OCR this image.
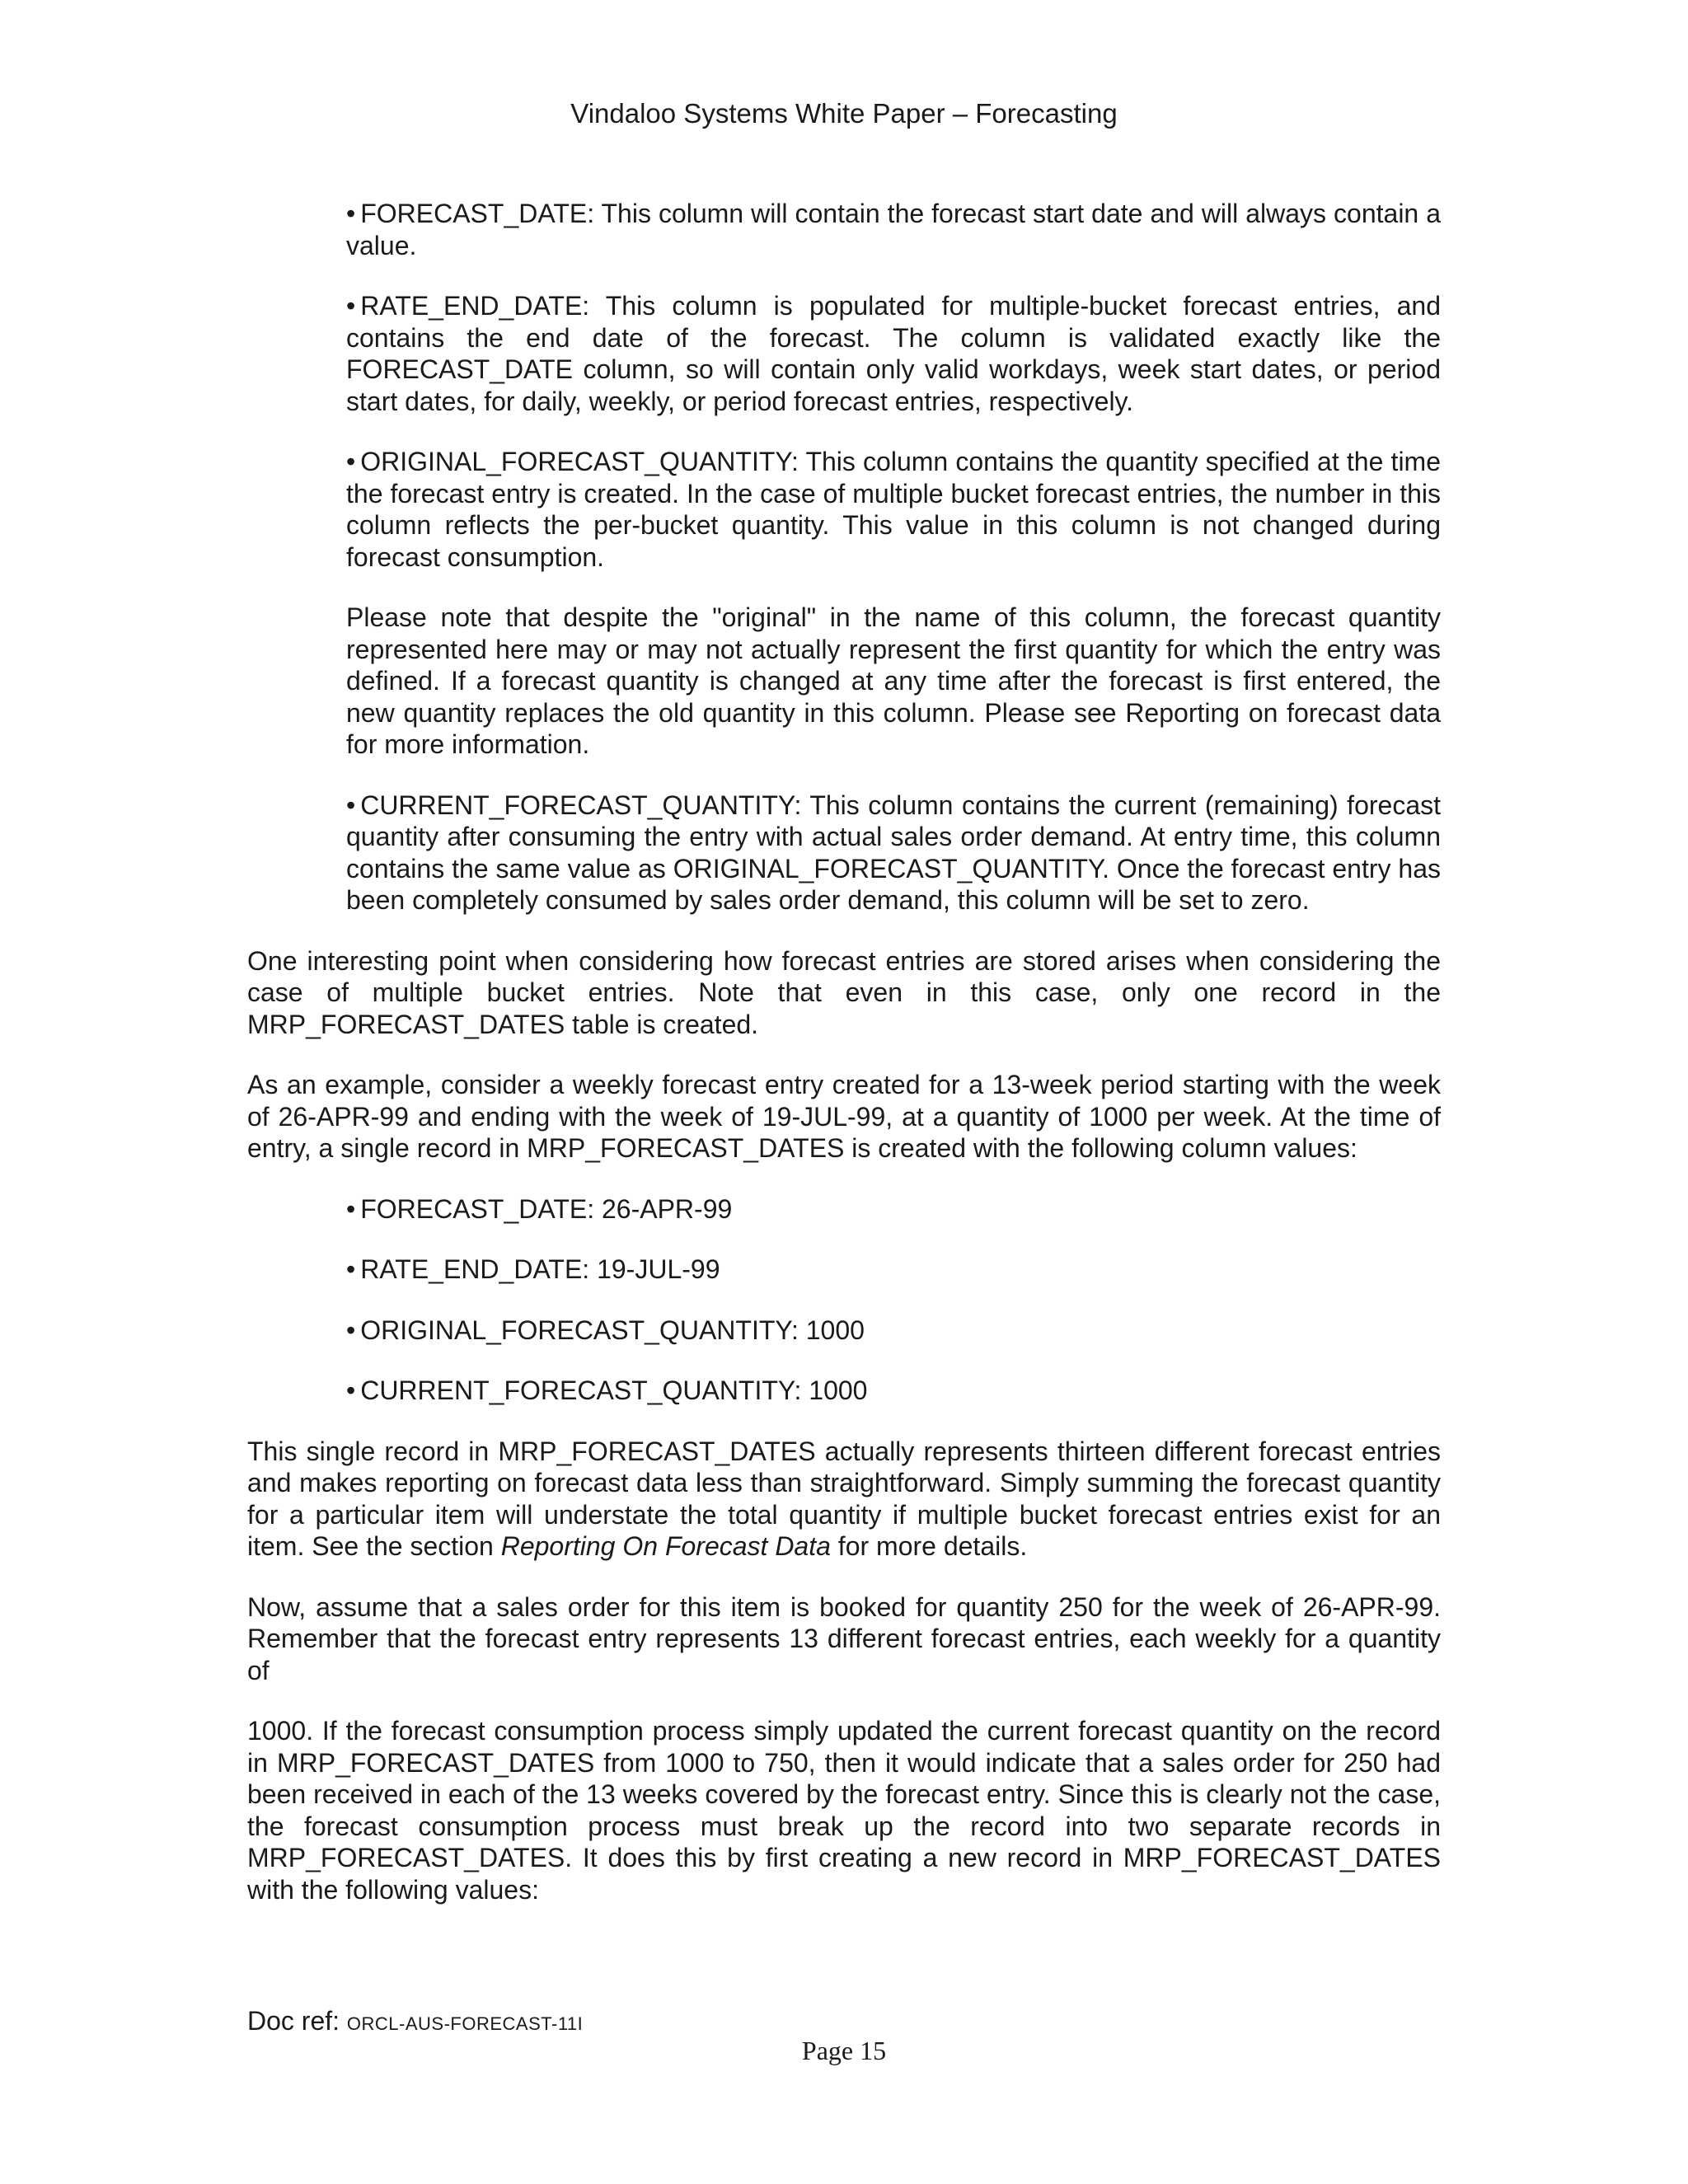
Vindaloo Systems White Paper – Forecasting

• FORECAST_DATE: This column will contain the forecast start date and will always contain a value.

• RATE_END_DATE: This column is populated for multiple-bucket forecast entries, and contains the end date of the forecast. The column is validated exactly like the FORECAST_DATE column, so will contain only valid workdays, week start dates, or period start dates, for daily, weekly, or period forecast entries, respectively.

• ORIGINAL_FORECAST_QUANTITY: This column contains the quantity specified at the time the forecast entry is created. In the case of multiple bucket forecast entries, the number in this column reflects the per-bucket quantity. This value in this column is not changed during forecast consumption.

Please note that despite the "original" in the name of this column, the forecast quantity represented here may or may not actually represent the first quantity for which the entry was defined. If a forecast quantity is changed at any time after the forecast is first entered, the new quantity replaces the old quantity in this column. Please see Reporting on forecast data for more information.

• CURRENT_FORECAST_QUANTITY: This column contains the current (remaining) forecast quantity after consuming the entry with actual sales order demand. At entry time, this column contains the same value as ORIGINAL_FORECAST_QUANTITY. Once the forecast entry has been completely consumed by sales order demand, this column will be set to zero.

One interesting point when considering how forecast entries are stored arises when considering the case of multiple bucket entries. Note that even in this case, only one record in the MRP_FORECAST_DATES table is created.

As an example, consider a weekly forecast entry created for a 13-week period starting with the week of 26-APR-99 and ending with the week of 19-JUL-99, at a quantity of 1000 per week. At the time of entry, a single record in MRP_FORECAST_DATES is created with the following column values:

• FORECAST_DATE: 26-APR-99

• RATE_END_DATE: 19-JUL-99

• ORIGINAL_FORECAST_QUANTITY: 1000

• CURRENT_FORECAST_QUANTITY: 1000

This single record in MRP_FORECAST_DATES actually represents thirteen different forecast entries and makes reporting on forecast data less than straightforward. Simply summing the forecast quantity for a particular item will understate the total quantity if multiple bucket forecast entries exist for an item. See the section Reporting On Forecast Data for more details.

Now, assume that a sales order for this item is booked for quantity 250 for the week of 26-APR-99. Remember that the forecast entry represents 13 different forecast entries, each weekly for a quantity of

1000. If the forecast consumption process simply updated the current forecast quantity on the record in MRP_FORECAST_DATES from 1000 to 750, then it would indicate that a sales order for 250 had been received in each of the 13 weeks covered by the forecast entry. Since this is clearly not the case, the forecast consumption process must break up the record into two separate records in MRP_FORECAST_DATES. It does this by first creating a new record in MRP_FORECAST_DATES with the following values:

Doc ref: ORCL-AUS-FORECAST-11I
Page 15
